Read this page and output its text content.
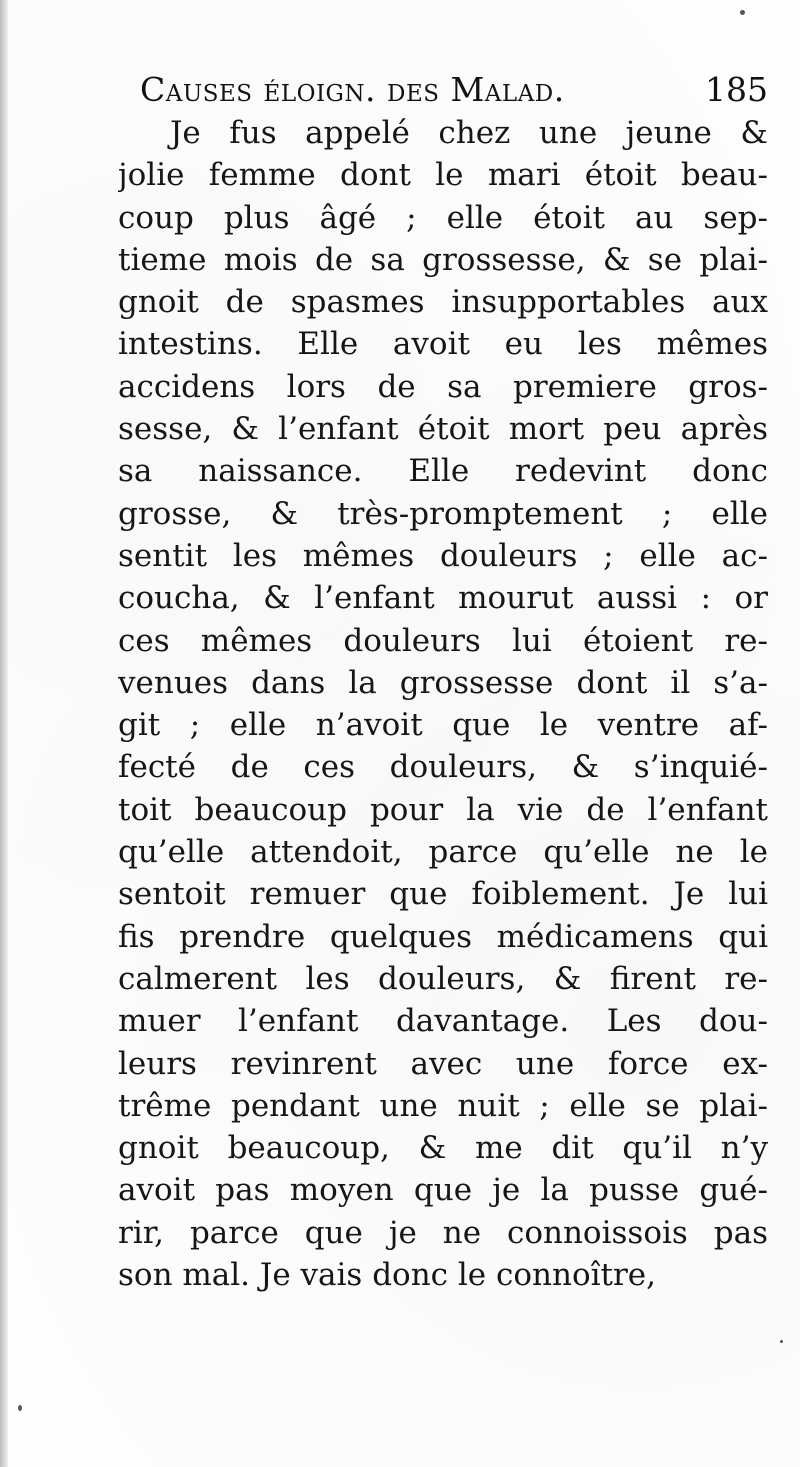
Causes éloign. des Malad.	185
Je fus appelé chez une jeune &
jolie femme dont le mari étoit beau-
coup plus âgé ; elle étoit au sep-
tieme mois de sa grossesse, & se plai-
gnoit de spasmes insupportables aux
intestins. Elle avoit eu les mêmes
accidens lors de sa premiere gros-
sesse, & l’enfant étoit mort peu après
sa naissance. Elle redevint donc
grosse, & très-promptement ; elle
sentit les mêmes douleurs ; elle ac-
coucha, & l’enfant mourut aussi : or
ces mêmes douleurs lui étoient re-
venues dans la grossesse dont il s’a-
git ; elle n’avoit que le ventre af-
fecté de ces douleurs, & s’inquié-
toit beaucoup pour la vie de l’enfant
qu’elle attendoit, parce qu’elle ne le
sentoit remuer que foiblement. Je lui
fis prendre quelques médicamens qui
calmerent les douleurs, & firent re-
muer l’enfant davantage. Les dou-
leurs revinrent avec une force ex-
trême pendant une nuit ; elle se plai-
gnoit beaucoup, & me dit qu’il n’y
avoit pas moyen que je la pusse gué-
rir, parce que je ne connoissois pas
son mal. Je vais donc le connoître,
